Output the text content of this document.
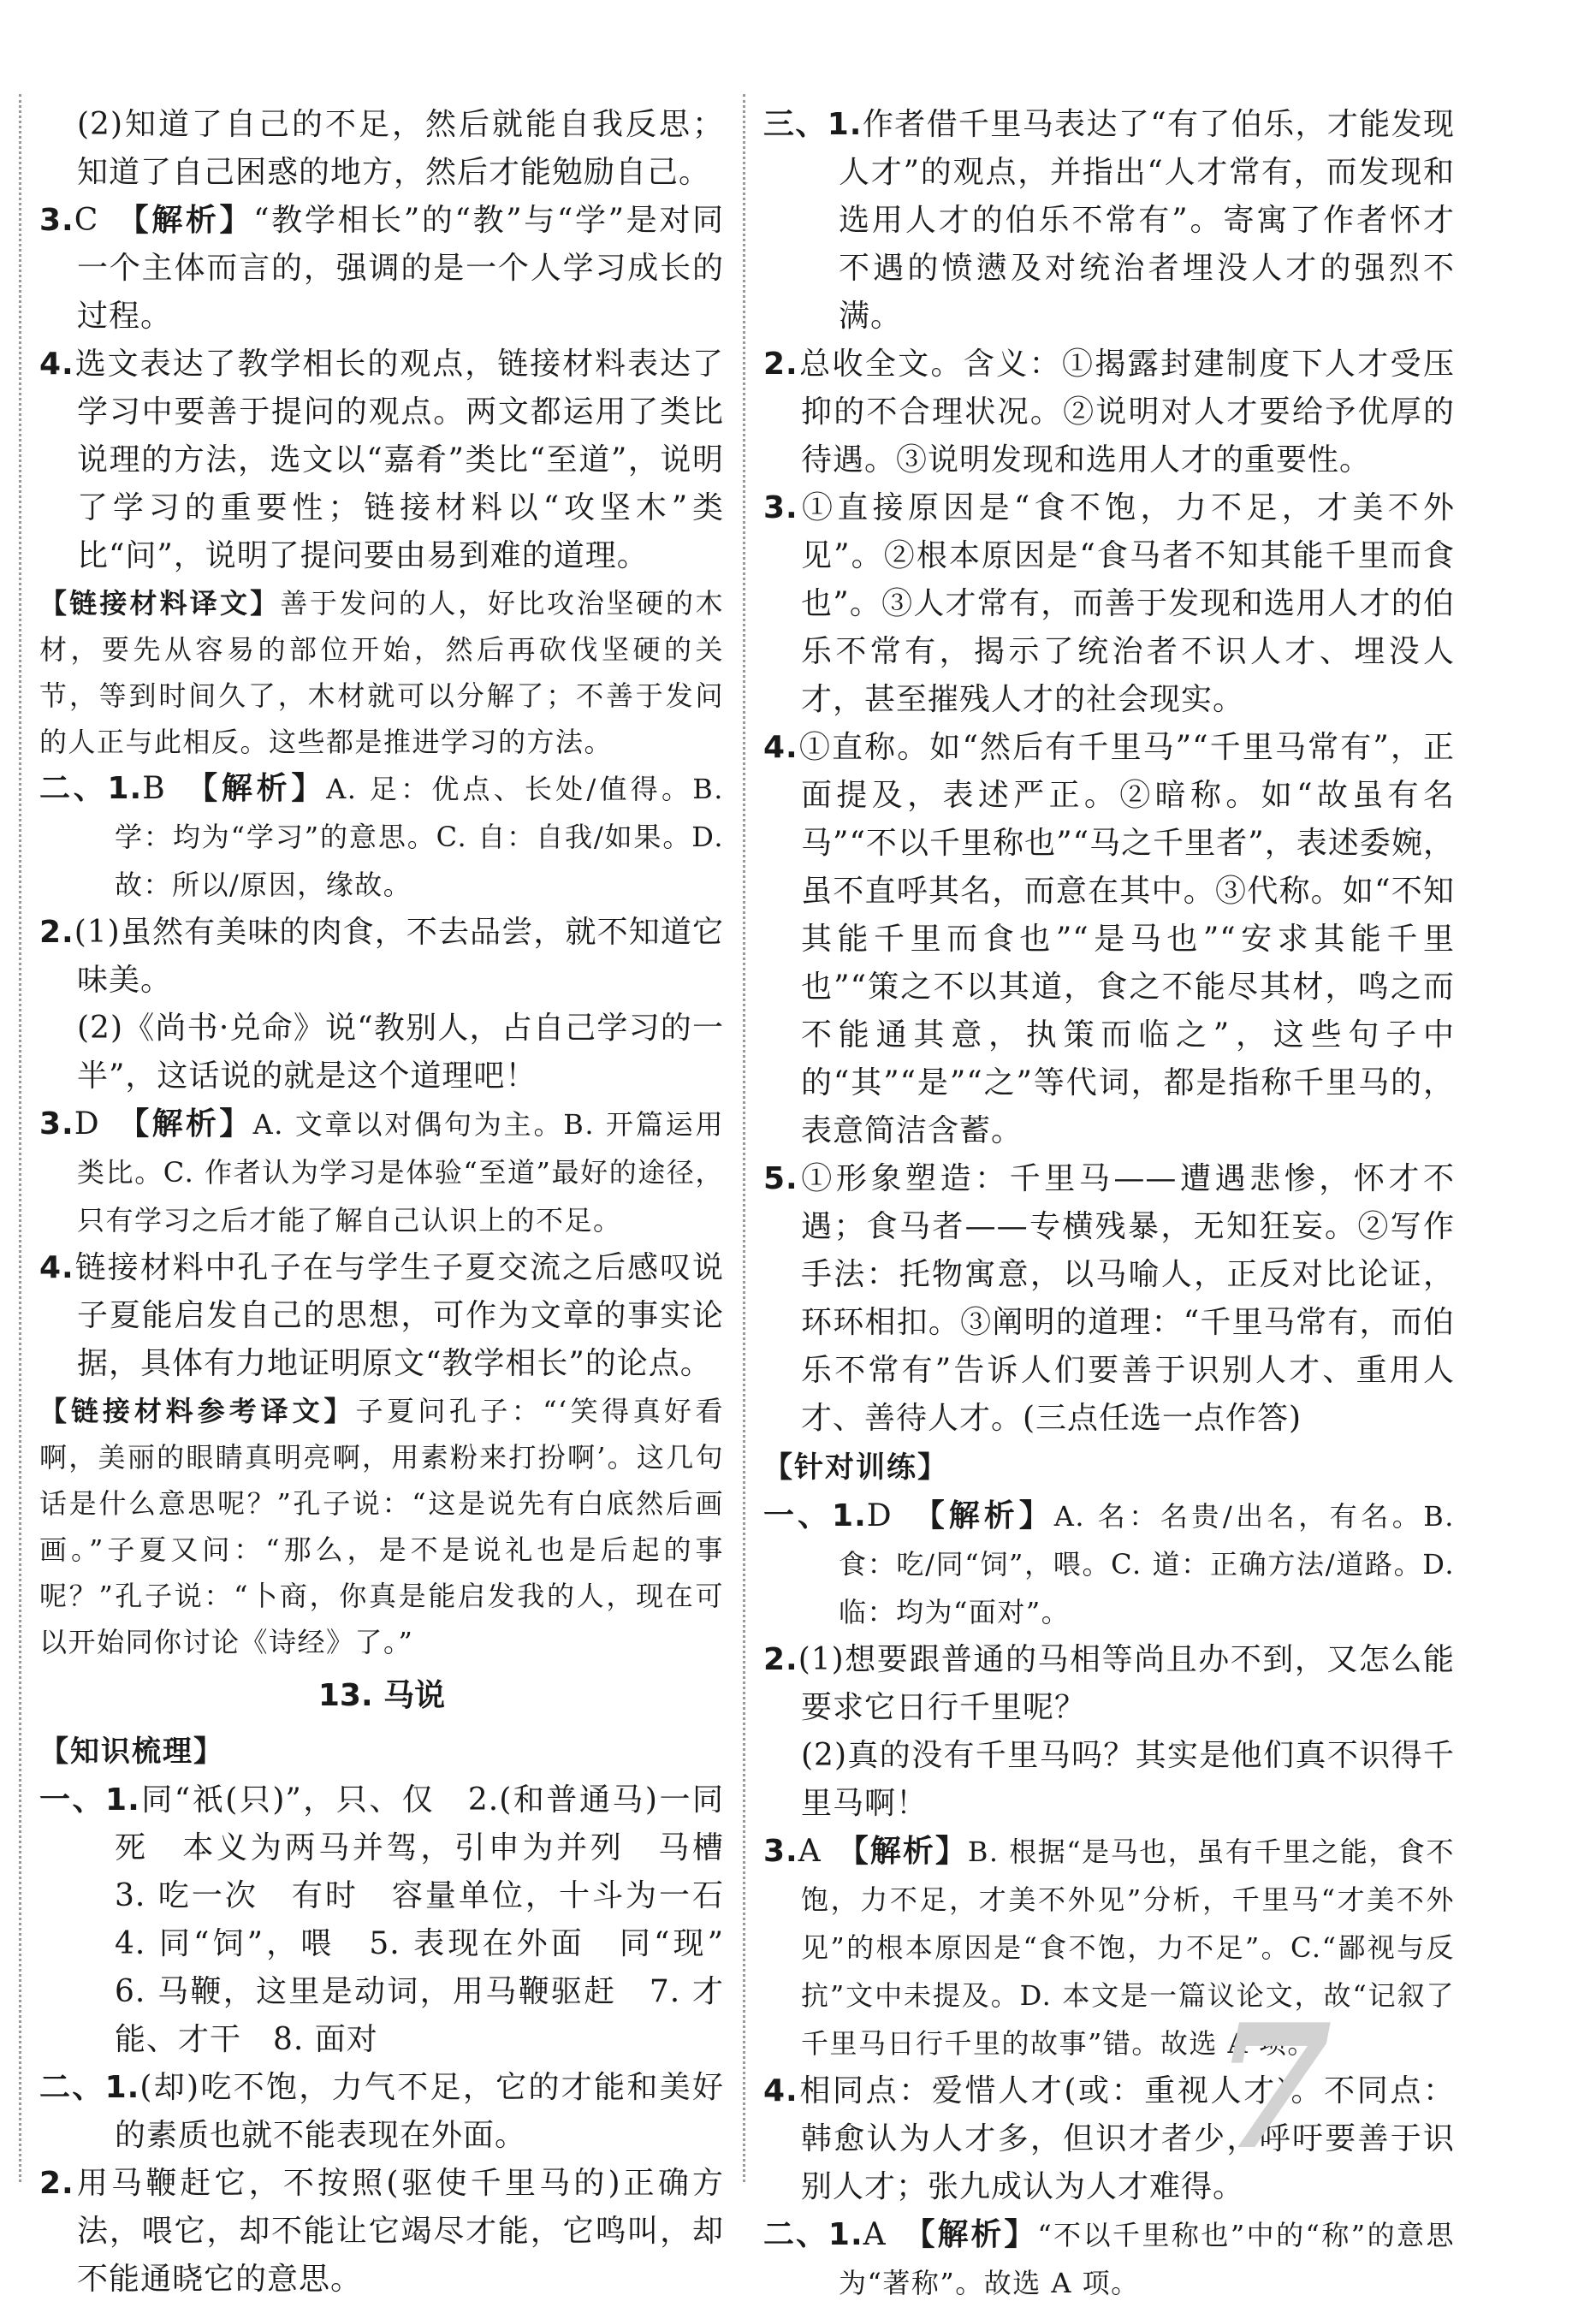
(2)知道了自己的不足，然后就能自我反思；知道了自己困惑的地方，然后才能勉励自己。

3.C　 【解析】“教学相长”的“教”与“学”是对同一个主体而言的，强调的是一个人学习成长的过程。

4.选文表达了教学相长的观点，链接材料表达了学习中要善于提问的观点。两文都运用了类比说理的方法，选文以“嘉肴”类比“至道”，说明了学习的重要性；链接材料以“攻坚木”类比“问”，说明了提问要由易到难的道理。

【链接材料译文】善于发问的人，好比攻治坚硬的木材，要先从容易的部位开始，然后再砍伐坚硬的关节，等到时间久了，木材就可以分解了；不善于发问的人正与此相反。这些都是推进学习的方法。

二、1.B　 【解析】A. 足：优点、长处/值得。B. 学：均为“学习”的意思。C. 自：自我/如果。D. 故：所以/原因，缘故。

2.(1)虽然有美味的肉食，不去品尝，就不知道它味美。

(2)《尚书·兑命》说“教别人，占自己学习的一半”，这话说的就是这个道理吧！

3.D　 【解析】A. 文章以对偶句为主。B. 开篇运用类比。C. 作者认为学习是体验“至道”最好的途径，只有学习之后才能了解自己认识上的不足。

4.链接材料中孔子在与学生子夏交流之后感叹说子夏能启发自己的思想，可作为文章的事实论据，具体有力地证明原文“教学相长”的论点。

【链接材料参考译文】子夏问孔子：“‘笑得真好看啊，美丽的眼睛真明亮啊，用素粉来打扮啊’。这几句话是什么意思呢？”孔子说：“这是说先有白底然后画画。”子夏又问：“那么，是不是说礼也是后起的事呢？”孔子说：“卜商，你真是能启发我的人，现在可以开始同你讨论《诗经》了。”

13. 马说
【知识梳理】

一、1.同“祇(只)”，只、仅　2.(和普通马)一同死　本义为两马并驾，引申为并列　马槽　3. 吃一次　有时　容量单位，十斗为一石　4. 同“饲”，喂　5. 表现在外面　同“现”　6. 马鞭，这里是动词，用马鞭驱赶　7. 才能、才干　8. 面对

二、1.(却)吃不饱，力气不足，它的才能和美好的素质也就不能表现在外面。

2.用马鞭赶它，不按照(驱使千里马的)正确方法，喂它，却不能让它竭尽才能，它鸣叫，却不能通晓它的意思。

三、1.作者借千里马表达了“有了伯乐，才能发现人才”的观点，并指出“人才常有，而发现和选用人才的伯乐不常有”。寄寓了作者怀才不遇的愤懑及对统治者埋没人才的强烈不满。

2.总收全文。含义：①揭露封建制度下人才受压抑的不合理状况。②说明对人才要给予优厚的待遇。③说明发现和选用人才的重要性。

3.①直接原因是“食不饱，力不足，才美不外见”。②根本原因是“食马者不知其能千里而食也”。③人才常有，而善于发现和选用人才的伯乐不常有，揭示了统治者不识人才、埋没人才，甚至摧残人才的社会现实。

4.①直称。如“然后有千里马”“千里马常有”，正面提及，表述严正。②暗称。如“故虽有名马”“不以千里称也”“马之千里者”，表述委婉，虽不直呼其名，而意在其中。③代称。如“不知其能千里而食也”“是马也”“安求其能千里也”“策之不以其道，食之不能尽其材，鸣之而不能通其意，执策而临之”，这些句子中的“其”“是”“之”等代词，都是指称千里马的，表意简洁含蓄。

5.①形象塑造：千里马——遭遇悲惨，怀才不遇；食马者——专横残暴，无知狂妄。②写作手法：托物寓意，以马喻人，正反对比论证，环环相扣。③阐明的道理：“千里马常有，而伯乐不常有”告诉人们要善于识别人才、重用人才、善待人才。(三点任选一点作答)

【针对训练】

一、1.D　 【解析】A. 名：名贵/出名，有名。B. 食：吃/同“饲”，喂。C. 道：正确方法/道路。D. 临：均为“面对”。

2.(1)想要跟普通的马相等尚且办不到，又怎么能要求它日行千里呢？

(2)真的没有千里马吗？其实是他们真不识得千里马啊！

3.A　 【解析】B. 根据“是马也，虽有千里之能，食不饱，力不足，才美不外见”分析，千里马“才美不外见”的根本原因是“食不饱，力不足”。C.“鄙视与反抗”文中未提及。D. 本文是一篇议论文，故“记叙了千里马日行千里的故事”错。故选 A 项。

4.相同点：爱惜人才(或：重视人才)。不同点：韩愈认为人才多，但识才者少，呼吁要善于识别人才；张九成认为人才难得。

二、1.A　 【解析】“不以千里称也”中的“称”的意思为“著称”。故选 A 项。

7
